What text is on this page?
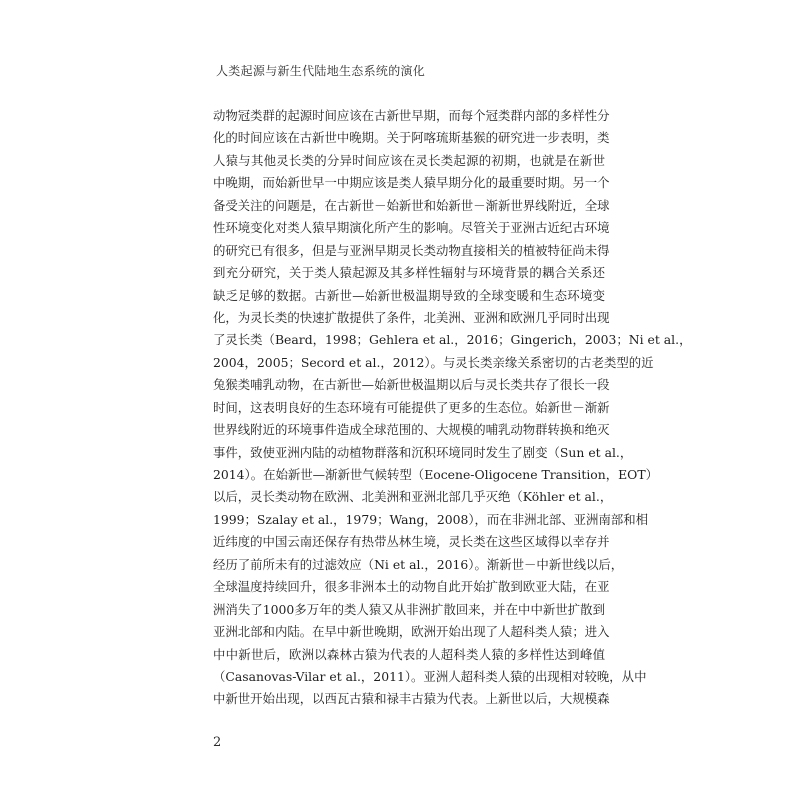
人类起源与新生代陆地生态系统的演化
动物冠类群的起源时间应该在古新世早期，而每个冠类群内部的多样性分
化的时间应该在古新世中晚期。关于阿喀琉斯基猴的研究进一步表明，类
人猿与其他灵长类的分异时间应该在灵长类起源的初期，也就是在新世
中晚期，而始新世早一中期应该是类人猿早期分化的最重要时期。另一个
备受关注的问题是，在古新世－始新世和始新世－渐新世界线附近，全球
性环境变化对类人猿早期演化所产生的影响。尽管关于亚洲古近纪古环境
的研究已有很多，但是与亚洲早期灵长类动物直接相关的植被特征尚未得
到充分研究，关于类人猿起源及其多样性辐射与环境背景的耦合关系还
缺乏足够的数据。古新世—始新世极温期导致的全球变暖和生态环境变
化，为灵长类的快速扩散提供了条件，北美洲、亚洲和欧洲几乎同时出现
了灵长类（Beard，1998；Gehlera et al.，2016；Gingerich，2003；Ni et al.，
2004，2005；Secord et al.，2012）。与灵长类亲缘关系密切的古老类型的近
兔猴类哺乳动物，在古新世—始新世极温期以后与灵长类共存了很长一段
时间，这表明良好的生态环境有可能提供了更多的生态位。始新世－渐新
世界线附近的环境事件造成全球范围的、大规模的哺乳动物群转换和绝灭
事件，致使亚洲内陆的动植物群落和沉积环境同时发生了剧变（Sun et al.，
2014）。在始新世—渐新世气候转型（Eocene-Oligocene Transition，EOT）
以后，灵长类动物在欧洲、北美洲和亚洲北部几乎灭绝（Köhler et al.，
1999；Szalay et al.，1979；Wang，2008），而在非洲北部、亚洲南部和相
近纬度的中国云南还保存有热带丛林生境，灵长类在这些区域得以幸存并
经历了前所未有的过滤效应（Ni et al.，2016）。渐新世－中新世线以后，
全球温度持续回升，很多非洲本土的动物自此开始扩散到欧亚大陆，在亚
洲消失了1000多万年的类人猿又从非洲扩散回来，并在中中新世扩散到
亚洲北部和内陆。在早中新世晚期，欧洲开始出现了人超科类人猿；进入
中中新世后，欧洲以森林古猿为代表的人超科类人猿的多样性达到峰值
（Casanovas-Vilar et al.，2011）。亚洲人超科类人猿的出现相对较晚，从中
中新世开始出现，以西瓦古猿和禄丰古猿为代表。上新世以后，大规模森
2
